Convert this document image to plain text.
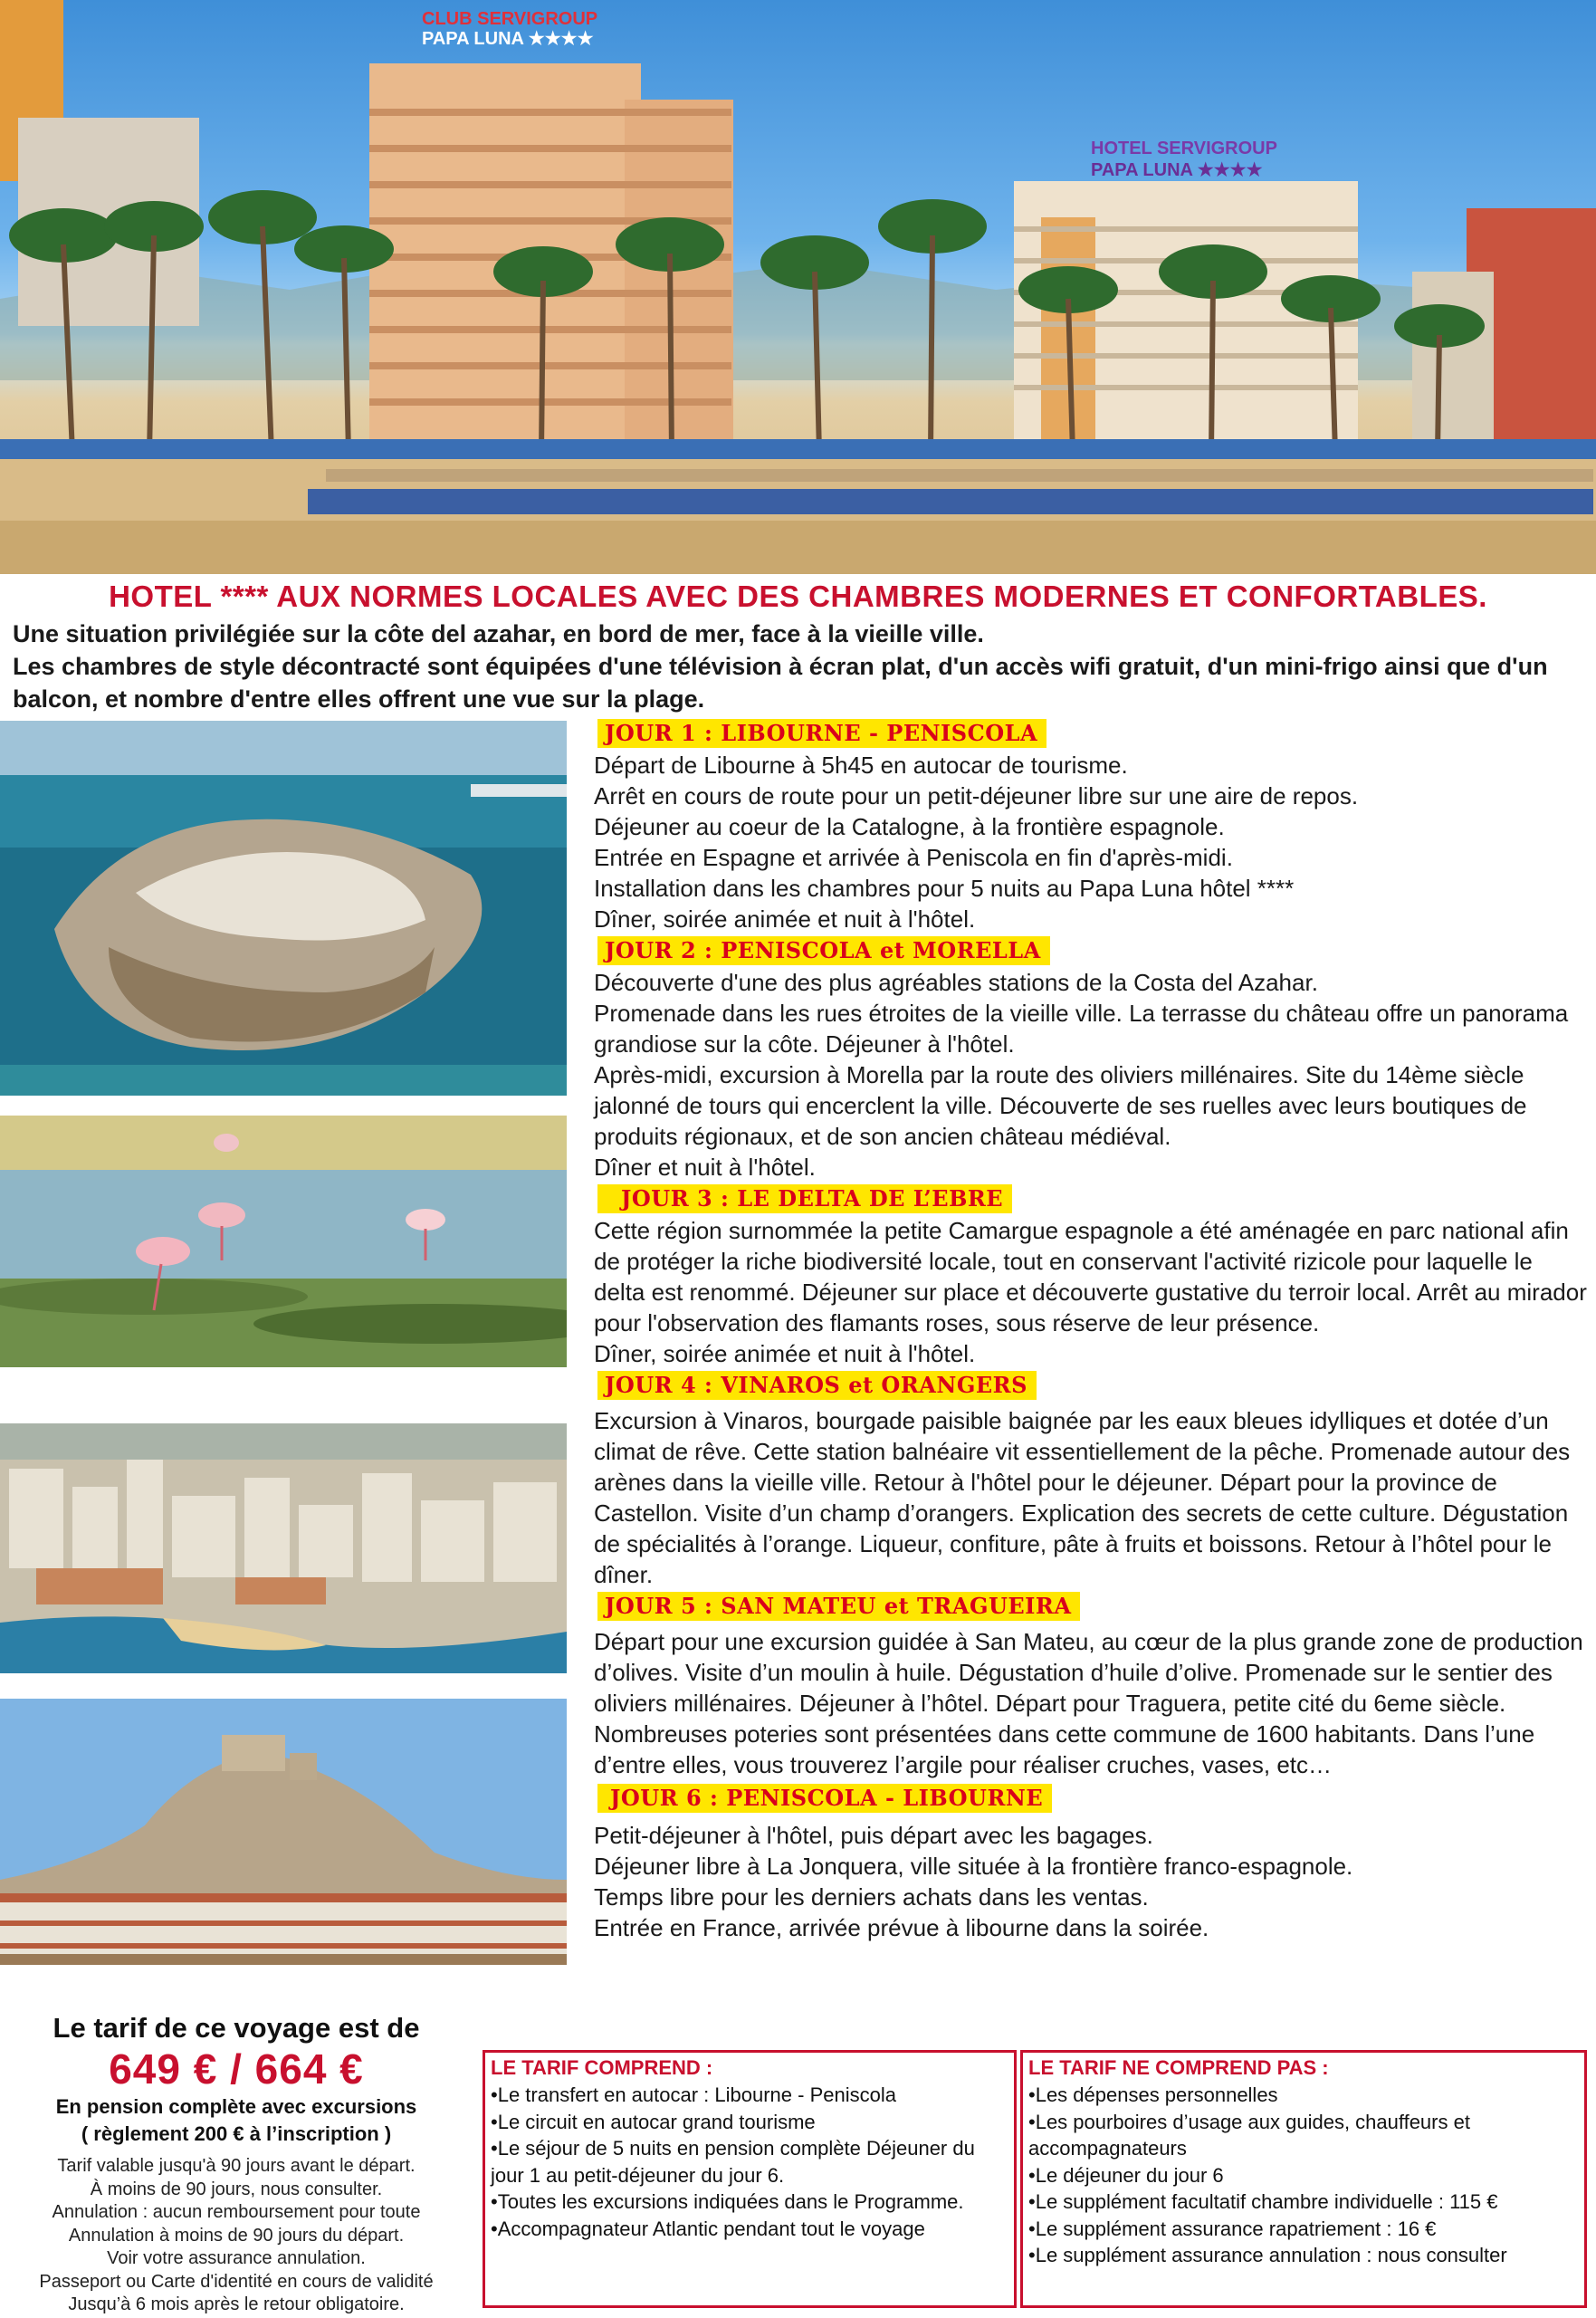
CLUB SERVIGROUP
PAPA LUNA ★★★★
HOTEL SERVIGROUP
PAPA LUNA ★★★★
HOTEL **** AUX NORMES LOCALES AVEC DES CHAMBRES MODERNES ET CONFORTABLES.
Une situation privilégiée sur la côte del azahar, en bord de mer, face à la vieille ville.
Les chambres de style décontracté sont équipées d'une télévision à écran plat, d'un accès wifi gratuit, d'un mini-frigo ainsi que d'un balcon, et nombre d'entre elles offrent une vue sur la plage.
JOUR 1 : LIBOURNE - PENISCOLA
Départ de Libourne à 5h45 en autocar de tourisme.
Arrêt en cours de route pour un petit-déjeuner libre sur une aire de repos.
Déjeuner au coeur de la Catalogne, à la frontière espagnole.
Entrée en Espagne et arrivée à Peniscola en fin d'après-midi.
Installation dans les chambres pour 5 nuits au Papa Luna hôtel ****
Dîner, soirée animée et nuit à l'hôtel.
JOUR 2 : PENISCOLA et MORELLA
Découverte d'une des plus agréables stations de la Costa del Azahar.
Promenade dans les rues étroites de la vieille ville. La terrasse du château offre un panorama grandiose sur la côte. Déjeuner à l'hôtel.
Après-midi, excursion à Morella par la route des oliviers millénaires. Site du 14ème siècle jalonné de tours qui encerclent la ville. Découverte de ses ruelles avec leurs boutiques de produits régionaux, et de son ancien château médiéval.
Dîner et nuit à l'hôtel.
JOUR 3 : LE DELTA DE L’EBRE
Cette région surnommée la petite Camargue espagnole a été aménagée en parc national afin de protéger la riche biodiversité locale, tout en conservant l'activité rizicole pour laquelle le delta est renommé. Déjeuner sur place et découverte gustative du terroir local. Arrêt au mirador pour l'observation des flamants roses, sous réserve de leur présence.
Dîner, soirée animée et nuit à l'hôtel.
JOUR 4 : VINAROS et ORANGERS
Excursion à Vinaros, bourgade paisible baignée par les eaux bleues idylliques et dotée d’un climat de rêve. Cette station balnéaire vit essentiellement de la pêche. Promenade autour des arènes dans la vieille ville. Retour à l'hôtel pour le déjeuner. Départ pour la province de Castellon. Visite d’un champ d’orangers. Explication des secrets de cette culture. Dégustation de spécialités à l’orange. Liqueur, confiture, pâte à fruits et boissons. Retour à l’hôtel pour le dîner.
JOUR 5 : SAN MATEU et TRAGUEIRA
Départ pour une excursion guidée à San Mateu, au cœur de la plus grande zone de production d’olives. Visite d’un moulin à huile. Dégustation d’huile d’olive. Promenade sur le sentier des oliviers millénaires. Déjeuner à l’hôtel. Départ pour Traguera, petite cité du 6eme siècle. Nombreuses poteries sont présentées dans cette commune de 1600 habitants. Dans l’une d’entre elles, vous trouverez l’argile pour réaliser cruches, vases, etc…
JOUR 6 : PENISCOLA - LIBOURNE
Petit-déjeuner à l'hôtel, puis départ avec les bagages.
Déjeuner libre à La Jonquera, ville située à la frontière franco-espagnole.
Temps libre pour les derniers achats dans les ventas.
Entrée en France, arrivée prévue à libourne dans la soirée.
Le tarif de ce voyage est de
649 € / 664 €
En pension complète avec excursions
( règlement 200 € à l’inscription )
Tarif valable jusqu'à 90 jours avant le départ.
À moins de 90 jours, nous consulter.
Annulation : aucun remboursement pour toute
Annulation à moins de 90 jours du départ.
Voir votre assurance annulation.
Passeport ou Carte d'identité en cours de validité
Jusqu’à 6 mois après le retour obligatoire.
LE TARIF COMPREND :
•Le transfert en autocar : Libourne - Peniscola
•Le circuit en autocar grand tourisme
•Le séjour de 5 nuits en pension complète Déjeuner du jour 1 au petit-déjeuner du jour 6.
•Toutes les excursions indiquées dans le Programme.
•Accompagnateur Atlantic pendant tout le voyage
LE TARIF NE COMPREND PAS :
•Les dépenses personnelles
•Les pourboires d’usage aux guides, chauffeurs et accompagnateurs
•Le déjeuner du jour 6
•Le supplément facultatif chambre individuelle : 115 €
•Le supplément assurance rapatriement : 16 €
•Le supplément assurance annulation : nous consulter
